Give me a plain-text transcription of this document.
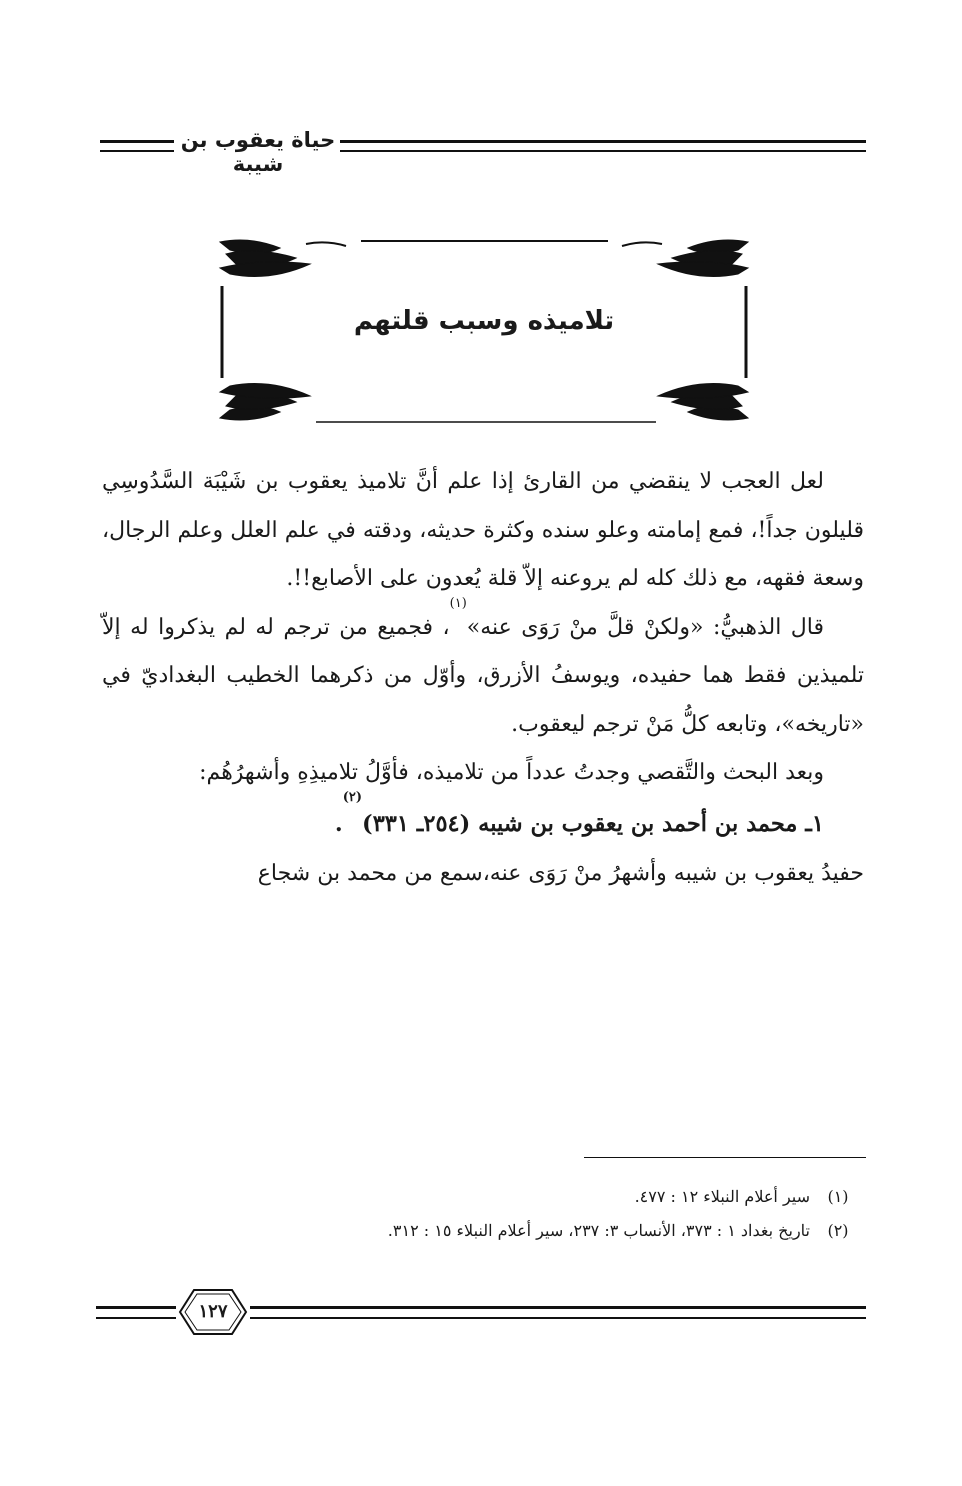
حياة يعقوب بن شيبة
تلاميذه وسبب قلتهم

لعل العجب لا ينقضي من القارئ إذا علم أنَّ تلاميذ يعقوب بن شَيْبَة السَّدُوسِي قليلون جداً!، فمع إمامته وعلو سنده وكثرة حديثه، ودقته في علم العلل وعلم الرجال، وسعة فقهه، مع ذلك كله لم يروعنه إلاّ قلة يُعدون على الأصابع!!.

قال الذهبيُّ: «ولكنْ قلَّ منْ رَوَى عنه»$^{(١)}$، فجميع من ترجم له لم يذكروا له إلاّ تلميذين فقط هما حفيده، ويوسفُ الأزرق، وأوّل من ذكرهما الخطيب البغداديّ في «تاريخه»، وتابعه كلُّ مَنْ ترجم ليعقوب.

وبعد البحث والتَّقصي وجدتُ عدداً من تلاميذه، فأوَّلُ تلاميذِهِ وأشهرُهُم:

١ـ محمد بن أحمد بن يعقوب بن شيبه (٢٥٤ـ ٣٣١)$^{(٢)}$.

حفيدُ يعقوب بن شيبه وأشهرُ منْ رَوَى عنه،سمع من محمد بن شجاع

(١)سير أعلام النبلاء ١٢ : ٤٧٧.
(٢)تاريخ بغداد ١ : ٣٧٣، الأنساب ٣: ٢٣٧، سير أعلام النبلاء ١٥ : ٣١٢.
١٢٧
